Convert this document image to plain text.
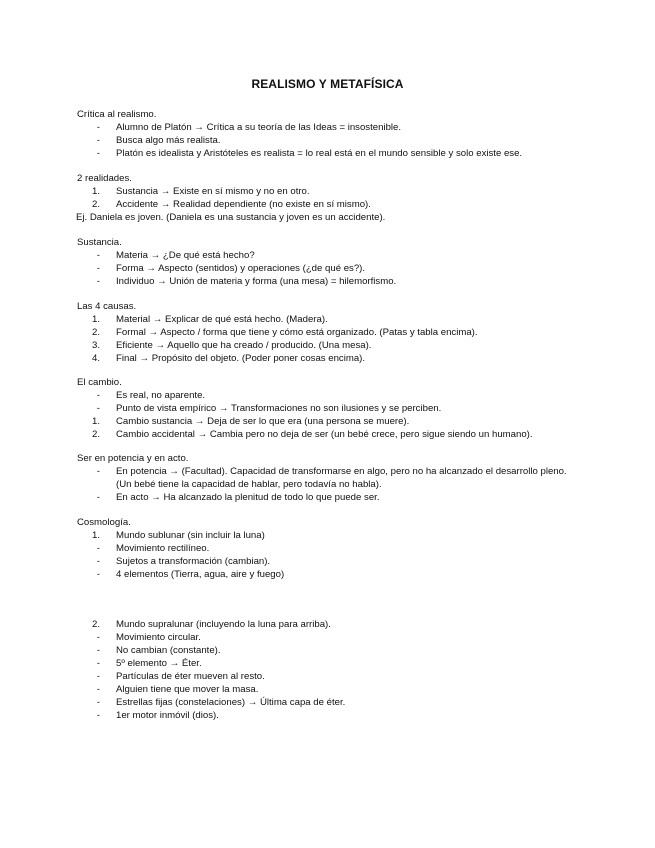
REALISMO Y METAFÍSICA
Crítica al realismo.
- Alumno de Platón → Crítica a su teoría de las Ideas = insostenible.
- Busca algo más realista.
- Platón es idealista y Aristóteles es realista = lo real está en el mundo sensible y solo existe ese.
2 realidades.
1. Sustancia → Existe en sí mismo y no en otro.
2. Accidente → Realidad dependiente (no existe en sí mismo).
Ej. Daniela es joven. (Daniela es una sustancia y joven es un accidente).
Sustancia.
- Materia → ¿De qué está hecho?
- Forma → Aspecto (sentidos) y operaciones (¿de qué es?).
- Individuo → Unión de materia y forma (una mesa) = hilemorfismo.
Las 4 causas.
1. Material → Explicar de qué está hecho. (Madera).
2. Formal → Aspecto / forma que tiene y cómo está organizado. (Patas y tabla encima).
3. Eficiente → Aquello que ha creado / producido. (Una mesa).
4. Final → Propósito del objeto. (Poder poner cosas encima).
El cambio.
- Es real, no aparente.
- Punto de vista empírico → Transformaciones no son ilusiones y se perciben.
1. Cambio sustancia → Deja de ser lo que era (una persona se muere).
2. Cambio accidental → Cambia pero no deja de ser (un bebé crece, pero sigue siendo un humano).
Ser en potencia y en acto.
- En potencia → (Facultad). Capacidad de transformarse en algo, pero no ha alcanzado el desarrollo pleno.
(Un bebé tiene la capacidad de hablar, pero todavía no habla).
- En acto → Ha alcanzado la plenitud de todo lo que puede ser.
Cosmología.
1. Mundo sublunar (sin incluir la luna)
- Movimiento rectilíneo.
- Sujetos a transformación (cambian).
- 4 elementos (Tierra, agua, aire y fuego)
2. Mundo supralunar (incluyendo la luna para arriba).
- Movimiento circular.
- No cambian (constante).
- 5º elemento → Éter.
- Partículas de éter mueven al resto.
- Alguien tiene que mover la masa.
- Estrellas fijas (constelaciones) → Última capa de éter.
- 1er motor inmóvil (dios).
